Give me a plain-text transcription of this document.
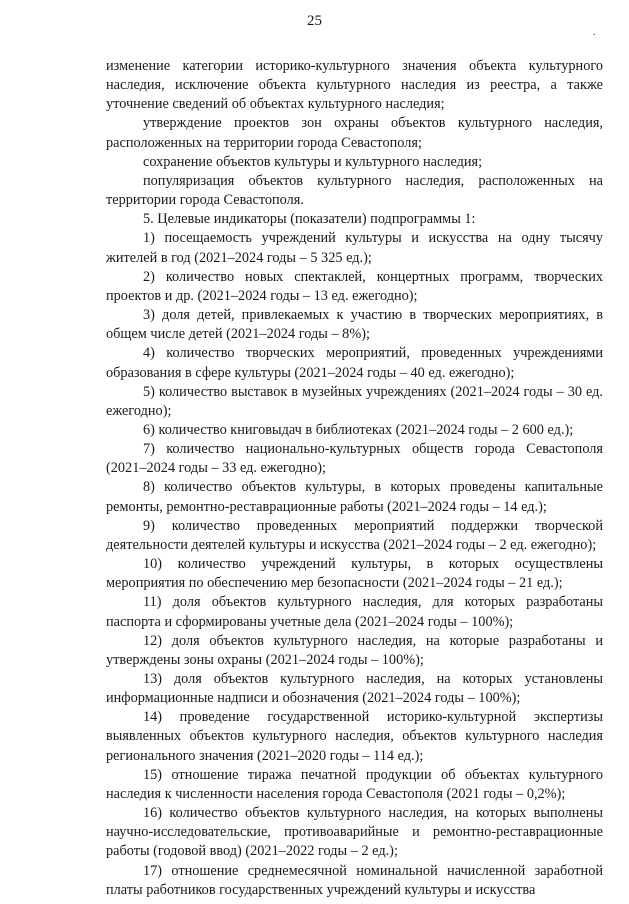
25
.

изменение категории историко-культурного значения объекта культурного наследия, исключение объекта культурного наследия из реестра, а также уточнение сведений об объектах культурного наследия;

утверждение проектов зон охраны объектов культурного наследия, расположенных на территории города Севастополя;

сохранение объектов культуры и культурного наследия;

популяризация объектов культурного наследия, расположенных на территории города Севастополя.

5. Целевые индикаторы (показатели) подпрограммы 1:

1) посещаемость учреждений культуры и искусства на одну тысячу жителей в год (2021–2024 годы – 5 325 ед.);

2) количество новых спектаклей, концертных программ, творческих проектов и др. (2021–2024 годы – 13 ед. ежегодно);

3) доля детей, привлекаемых к участию в творческих мероприятиях, в общем числе детей (2021–2024 годы – 8%);

4) количество творческих мероприятий, проведенных учреждениями образования в сфере культуры (2021–2024 годы – 40 ед. ежегодно);

5) количество выставок в музейных учреждениях (2021–2024 годы – 30 ед. ежегодно);

6) количество книговыдач в библиотеках (2021–2024 годы – 2 600 ед.);

7) количество национально-культурных обществ города Севастополя (2021–2024 годы – 33 ед. ежегодно);

8) количество объектов культуры, в которых проведены капитальные ремонты, ремонтно-реставрационные работы (2021–2024 годы – 14 ед.);

9) количество проведенных мероприятий поддержки творческой деятельности деятелей культуры и искусства (2021–2024 годы – 2 ед. ежегодно);

10) количество учреждений культуры, в которых осуществлены мероприятия по обеспечению мер безопасности (2021–2024 годы – 21 ед.);

11) доля объектов культурного наследия, для которых разработаны паспорта и сформированы учетные дела (2021–2024 годы – 100%);

12) доля объектов культурного наследия, на которые разработаны и утверждены зоны охраны (2021–2024 годы – 100%);

13) доля объектов культурного наследия, на которых установлены информационные надписи и обозначения (2021–2024 годы – 100%);

14) проведение государственной историко-культурной экспертизы выявленных объектов культурного наследия, объектов культурного наследия регионального значения (2021–2020 годы – 114 ед.);

15) отношение тиража печатной продукции об объектах культурного наследия к численности населения города Севастополя (2021 годы – 0,2%);

16) количество объектов культурного наследия, на которых выполнены научно-исследовательские, противоаварийные и ремонтно-реставрационные работы (годовой ввод) (2021–2022 годы – 2 ед.);

17) отношение среднемесячной номинальной начисленной заработной платы работников государственных учреждений культуры и искусства
